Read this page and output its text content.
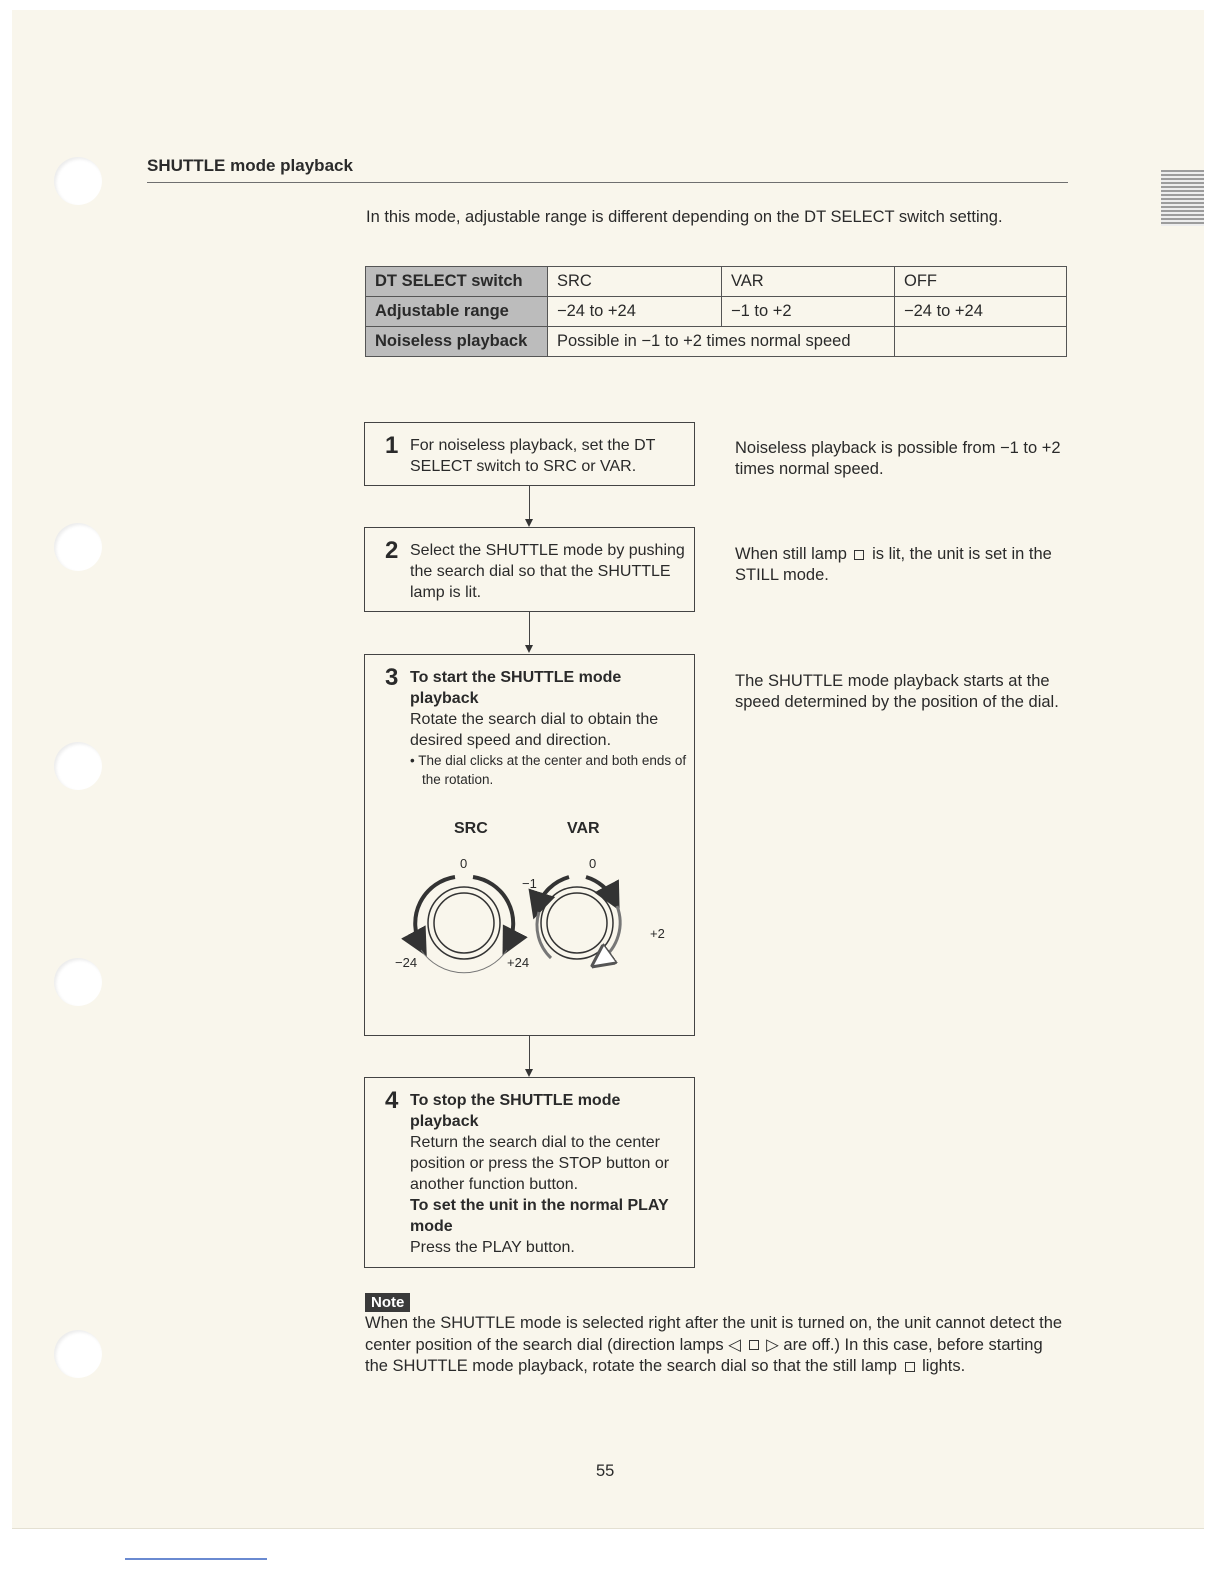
SHUTTLE mode playback
In this mode, adjustable range is different depending on the DT SELECT switch setting.
DT SELECT switch	SRC	VAR	OFF
Adjustable range	−24 to +24	−1 to +2	−24 to +24
Noiseless playback	Possible in −1 to +2 times normal speed		
1 For noiseless playback, set the DT SELECT switch to SRC or VAR.
2 Select the SHUTTLE mode by pushing the search dial so that the SHUTTLE lamp is lit.
3 To start the SHUTTLE mode playback
Rotate the search dial to obtain the desired speed and direction.
• The dial clicks at the center and both ends of the rotation.
SRC	VAR
0
−24	+24
0
−1
+2
4 To stop the SHUTTLE mode playback
Return the search dial to the center position or press the STOP button or another function button.
To set the unit in the normal PLAY mode
Press the PLAY button.
Noiseless playback is possible from −1 to +2 times normal speed.
When still lamp is lit, the unit is set in the STILL mode.
The SHUTTLE mode playback starts at the speed determined by the position of the dial.
Note
When the SHUTTLE mode is selected right after the unit is turned on, the unit cannot detect the center position of the search dial (direction lamps ◁ ▷ are off.) In this case, before starting the SHUTTLE mode playback, rotate the search dial so that the still lamp lights.
55
